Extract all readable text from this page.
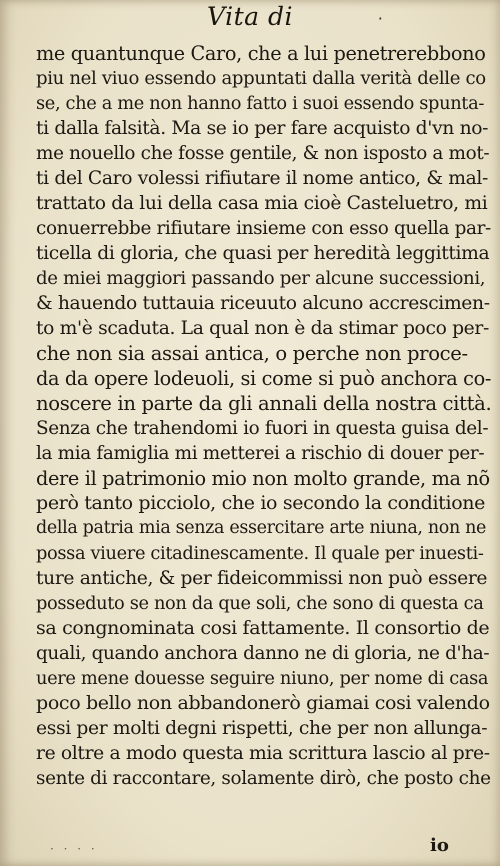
Vita di	٠
me quantunque Caro, che a lui penetrerebbono
piu nel viuo essendo appuntati dalla verità delle co
se, che a me non hanno fatto i suoi essendo spunta-
ti dalla falsità. Ma se io per fare acquisto d'vn no-
me nouello che fosse gentile, & non isposto a mot-
ti del Caro volessi rifiutare il nome antico, & mal-
trattato da lui della casa mia cioè Casteluetro, mi
conuerrebbe rifiutare insieme con esso quella par-
ticella di gloria, che quasi per heredità leggittima
de miei maggiori passando per alcune successioni,
& hauendo tuttauia riceuuto alcuno accrescimen-
to m'è scaduta. La qual non è da stimar poco per-
che non sia assai antica, o perche non proce-
da da opere lodeuoli, si come si può anchora co-
noscere in parte da gli annali della nostra città.
Senza che trahendomi io fuori in questa guisa del-
la mia famiglia mi metterei a rischio di douer per-
dere il patrimonio mio non molto grande, ma nõ
però tanto picciolo, che io secondo la conditione
della patria mia senza essercitare arte niuna, non ne
possa viuere citadinescamente. Il quale per inuesti-
ture antiche, & per fideicommissi non può essere
posseduto se non da que soli, che sono di questa ca
sa congnominata cosi fattamente. Il consortio de
quali, quando anchora danno ne di gloria, ne d'ha-
uere mene douesse seguire niuno, per nome di casa
poco bello non abbandonerò giamai cosi valendo
essi per molti degni rispetti, che per non allunga-
re oltre a modo questa mia scrittura lascio al pre-
sente di raccontare, solamente dirò, che posto che
· · · ·	io
